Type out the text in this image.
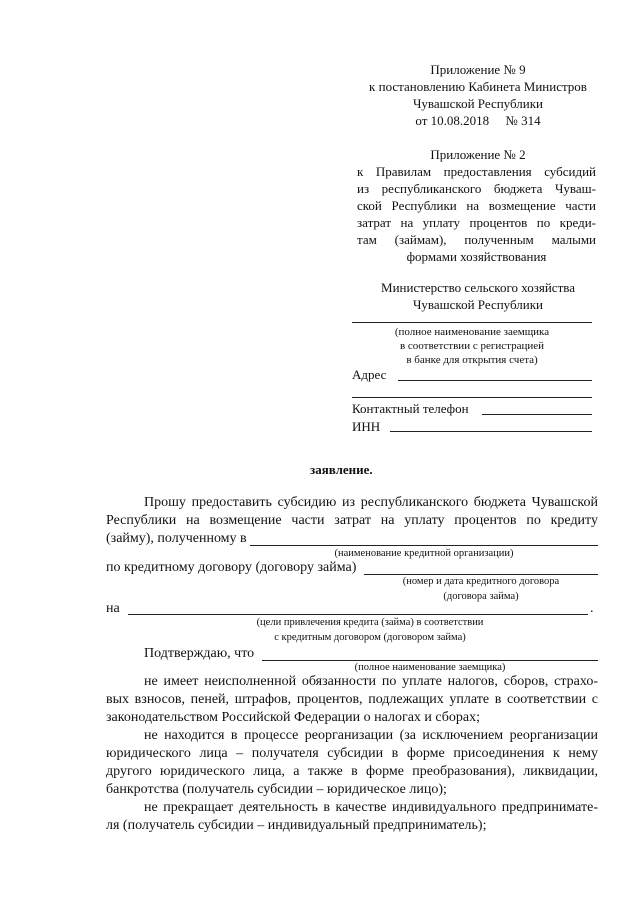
Приложение № 9
к постановлению Кабинета Министров
Чувашской Республики
от 10.08.2018     № 314
Приложение № 2
к Правилам предоставления субсидий
из республиканского бюджета Чуваш-
ской Республики на возмещение части
затрат на уплату процентов по креди-
там (займам), полученным малыми
формами хозяйствования
Министерство сельского хозяйства
Чувашской Республики
(полное наименование заемщика
в соответствии с регистрацией
в банке для открытия счета)
Адрес
Контактный телефон
ИНН
заявление.
Прошу предоставить субсидию из республиканского бюджета Чувашской
Республики на возмещение части затрат на уплату процентов по кредиту
(займу), полученному в
(наименование кредитной организации)
по кредитному договору (договору займа)
(номер и дата кредитного договора
(договора займа)
на	.
(цели привлечения кредита (займа) в соответствии
с кредитным договором (договором займа)
Подтверждаю, что
(полное наименование заемщика)
не имеет неисполненной обязанности по уплате налогов, сборов, страхо-
вых взносов, пеней, штрафов, процентов, подлежащих уплате в соответствии с
законодательством Российской Федерации о налогах и сборах;
не находится в процессе реорганизации (за исключением реорганизации
юридического лица – получателя субсидии в форме присоединения к нему
другого юридического лица, а также в форме преобразования), ликвидации,
банкротства (получатель субсидии – юридическое лицо);
не прекращает деятельность в качестве индивидуального предпринимате-
ля (получатель субсидии – индивидуальный предприниматель);
